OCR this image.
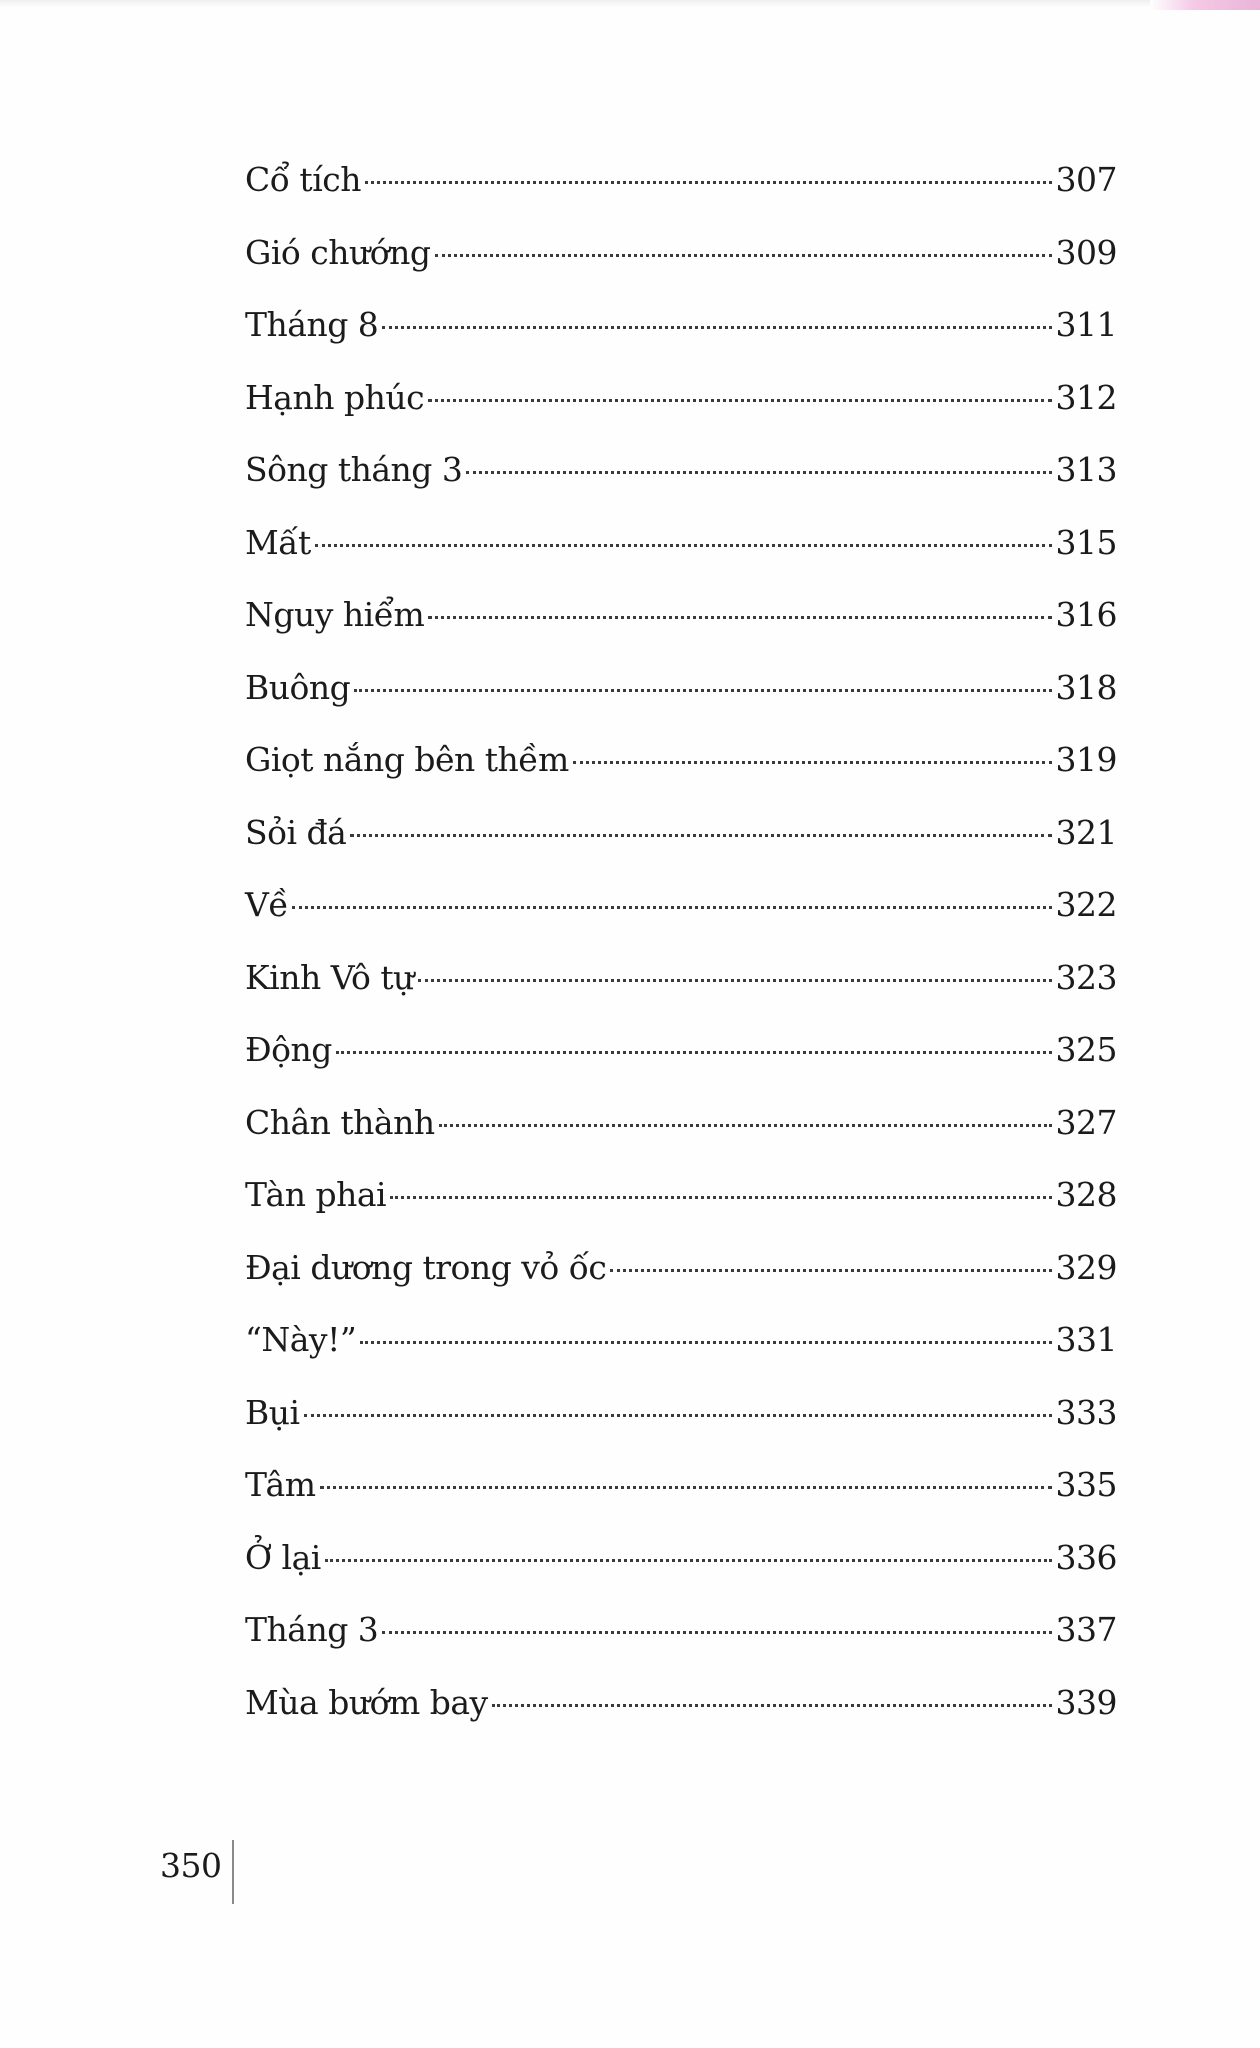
Cổ tích	307
Gió chướng	309
Tháng 8	311
Hạnh phúc	312
Sông tháng 3	313
Mất	315
Nguy hiểm	316
Buông	318
Giọt nắng bên thềm	319
Sỏi đá	321
Về	322
Kinh Vô tự	323
Động	325
Chân thành	327
Tàn phai	328
Đại dương trong vỏ ốc	329
“Này!”	331
Bụi	333
Tâm	335
Ở lại	336
Tháng 3	337
Mùa bướm bay	339
350
